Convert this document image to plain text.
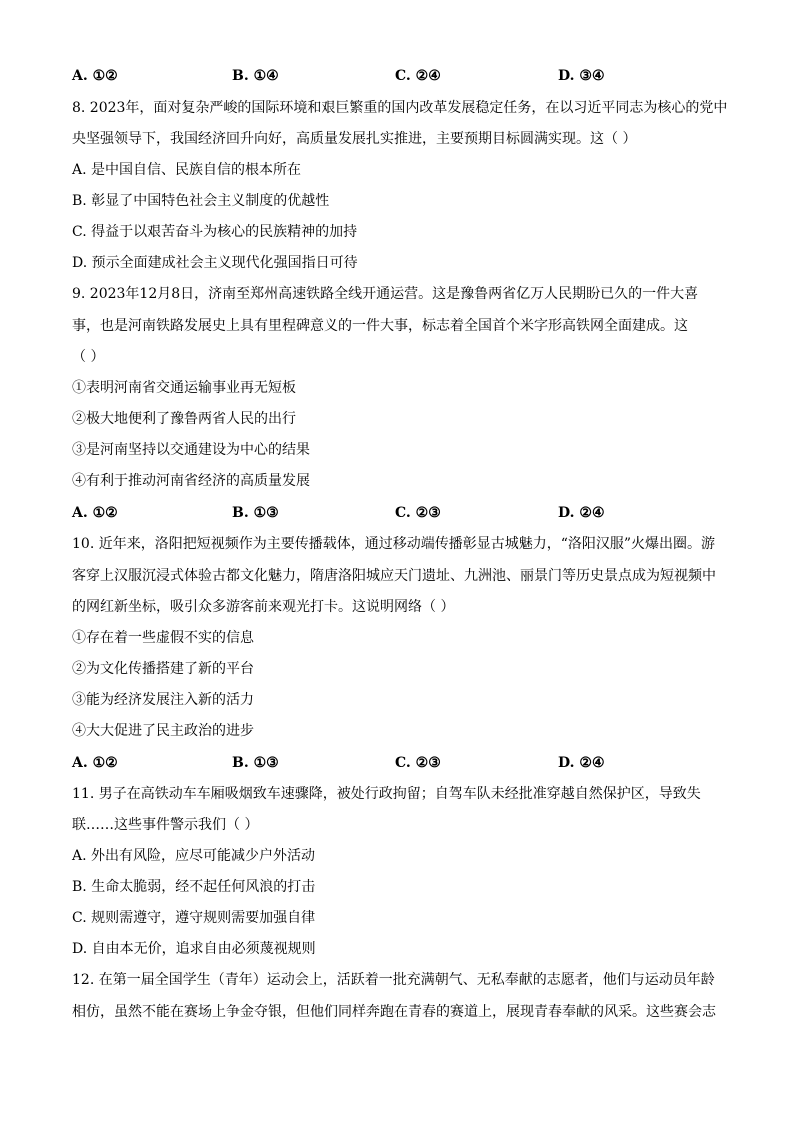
A. ①②	B. ①④	C. ②④	D. ③④
8. 2023年，面对复杂严峻的国际环境和艰巨繁重的国内改革发展稳定任务，在以习近平同志为核心的党中
央坚强领导下，我国经济回升向好，高质量发展扎实推进，主要预期目标圆满实现。这（ ）
A. 是中国自信、民族自信的根本所在
B. 彰显了中国特色社会主义制度的优越性
C. 得益于以艰苦奋斗为核心的民族精神的加持
D. 预示全面建成社会主义现代化强国指日可待
9. 2023年12月8日，济南至郑州高速铁路全线开通运营。这是豫鲁两省亿万人民期盼已久的一件大喜
事，也是河南铁路发展史上具有里程碑意义的一件大事，标志着全国首个米字形高铁网全面建成。这
（ ）
①表明河南省交通运输事业再无短板
②极大地便利了豫鲁两省人民的出行
③是河南坚持以交通建设为中心的结果
④有利于推动河南省经济的高质量发展
A. ①②	B. ①③	C. ②③	D. ②④
10. 近年来，洛阳把短视频作为主要传播载体，通过移动端传播彰显古城魅力，“洛阳汉服”火爆出圈。游
客穿上汉服沉浸式体验古都文化魅力，隋唐洛阳城应天门遗址、九洲池、丽景门等历史景点成为短视频中
的网红新坐标，吸引众多游客前来观光打卡。这说明网络（ ）
①存在着一些虚假不实的信息
②为文化传播搭建了新的平台
③能为经济发展注入新的活力
④大大促进了民主政治的进步
A. ①②	B. ①③	C. ②③	D. ②④
11. 男子在高铁动车车厢吸烟致车速骤降，被处行政拘留；自驾车队未经批准穿越自然保护区，导致失
联……这些事件警示我们（ ）
A. 外出有风险，应尽可能减少户外活动
B. 生命太脆弱，经不起任何风浪的打击
C. 规则需遵守，遵守规则需要加强自律
D. 自由本无价，追求自由必须蔑视规则
12. 在第一届全国学生（青年）运动会上，活跃着一批充满朝气、无私奉献的志愿者，他们与运动员年龄
相仿，虽然不能在赛场上争金夺银，但他们同样奔跑在青春的赛道上，展现青春奉献的风采。这些赛会志
